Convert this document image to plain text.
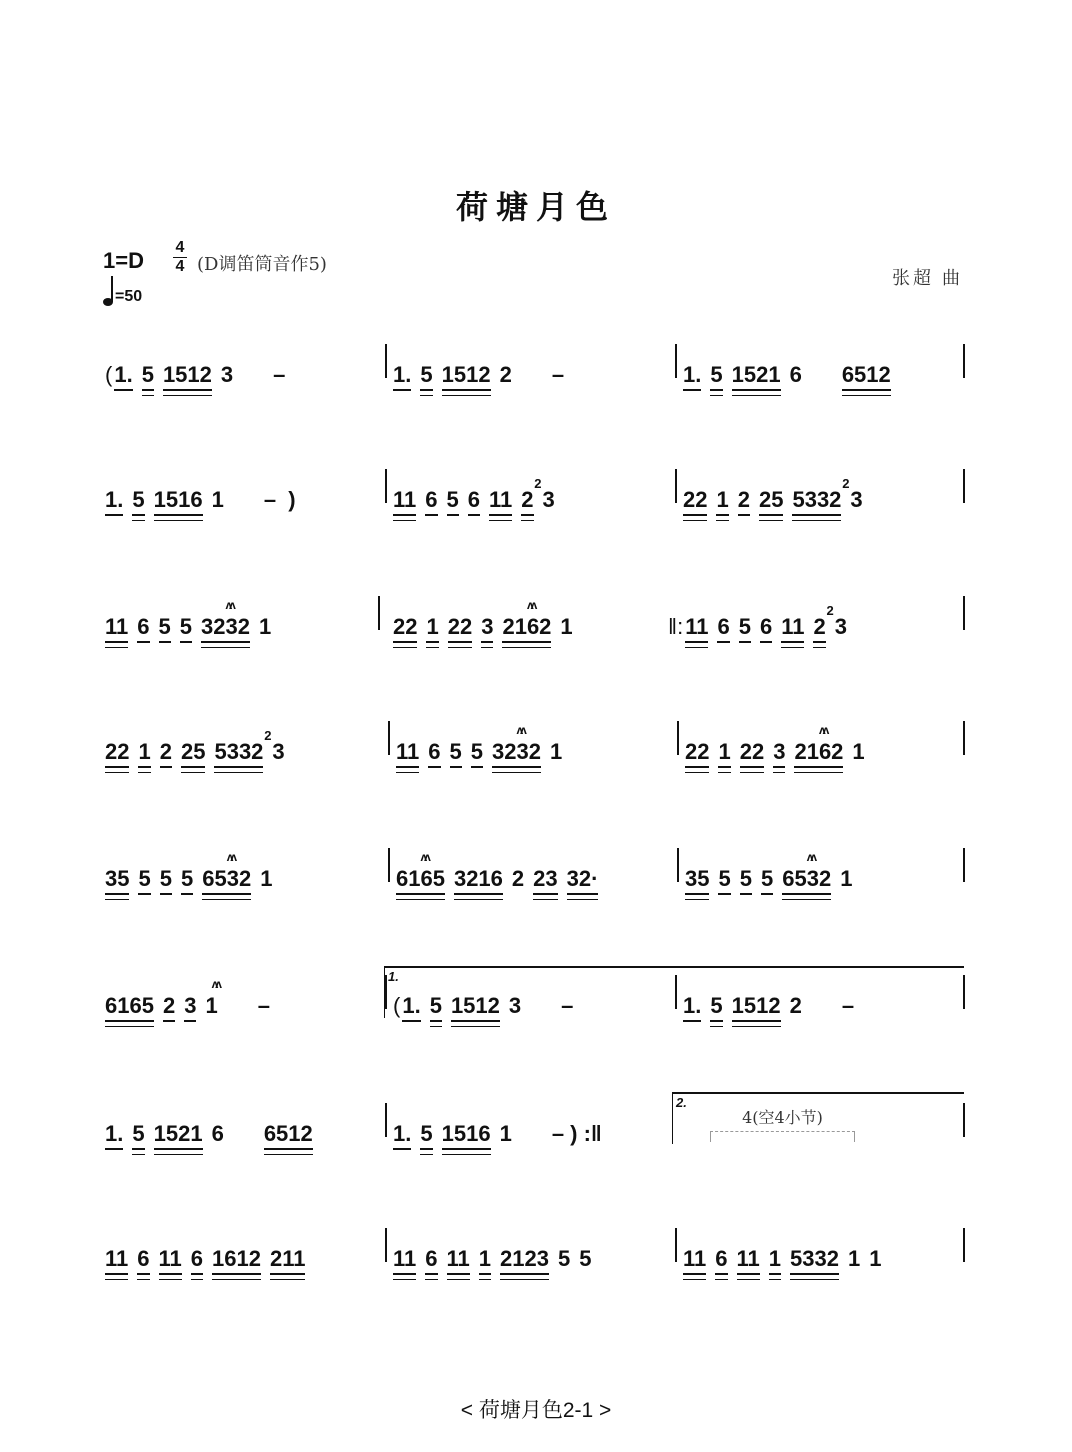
荷塘月色
1=D
4
4 (D调笛筒音作5)
张超 曲
=50
( 1. 5 1512 3 –	1. 5 1512 2 –	1. 5 1521 6 6512
1. 5 1516 1 –  )	11 6 5 6 11 2
2
3	22 1 2 25 5332
2
3
11 6 5 5 3232
ʌʌ
1	22 1 22 3 2162
ʌʌ
1	‖: 11 6 5 6 11 2
2
3
22 1 2 25 5332
2
3	11 6 5 5 3232
ʌʌ
1	22 1 22 3 2162
ʌʌ
1
35 5 5 5 6532
ʌʌ
1	6165
ʌʌ
3216 2 23 32·	35 5 5 5 6532
ʌʌ
1
6165 2 3 1
ʌʌ
–	( 1. 5 1512 3 –	1. 5 1512 2 –
1. 5 1521 6 6512	1. 5 1516 1 – ) :‖
4(空4小节)
11 6 11 6 1612 211	11 6 11 1 2123 5 5	11 6 11 1 5332 1 1
< 荷塘月色2-1 >
1.
2.
